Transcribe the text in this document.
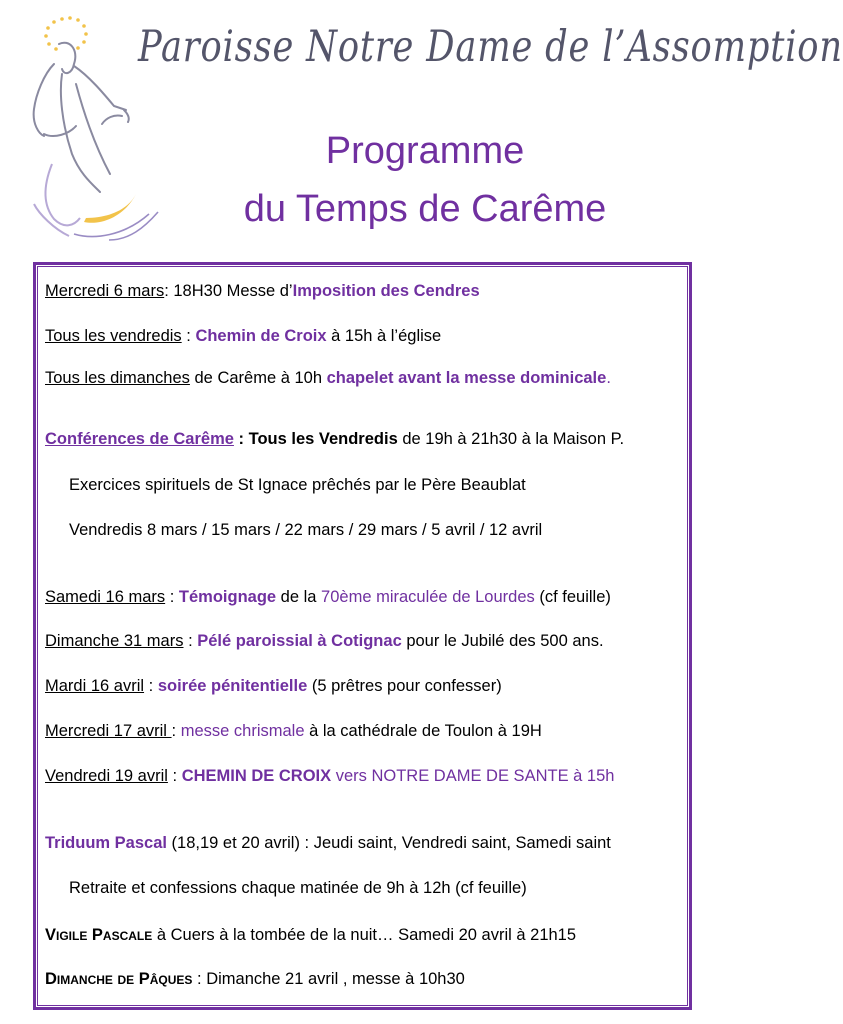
Paroisse Notre Dame de l’Assomption
Programme
du Temps de Carême
Mercredi 6 mars: 18H30 Messe d’Imposition des Cendres
Tous les vendredis : Chemin de Croix à 15h à l’église
Tous les dimanches de Carême à 10h chapelet avant la messe dominicale.
Conférences de Carême : Tous les Vendredis de 19h à 21h30 à la Maison P.
Exercices spirituels de St Ignace prêchés par le Père Beaublat
Vendredis 8 mars / 15 mars / 22 mars / 29 mars / 5 avril / 12 avril
Samedi 16 mars : Témoignage de la 70ème miraculée de Lourdes (cf feuille)
Dimanche 31 mars : Pélé paroissial à Cotignac pour le Jubilé des 500 ans.
Mardi 16 avril : soirée pénitentielle (5 prêtres pour confesser)
Mercredi 17 avril : messe chrismale à la cathédrale de Toulon à 19H
Vendredi 19 avril : CHEMIN DE CROIX vers NOTRE DAME DE SANTE à 15h
Triduum Pascal (18,19 et 20 avril) : Jeudi saint, Vendredi saint, Samedi saint
Retraite et confessions chaque matinée de 9h à 12h (cf feuille)
Vigile Pascale à Cuers à la tombée de la nuit… Samedi 20 avril à 21h15
Dimanche de Pâques : Dimanche 21 avril , messe à 10h30
